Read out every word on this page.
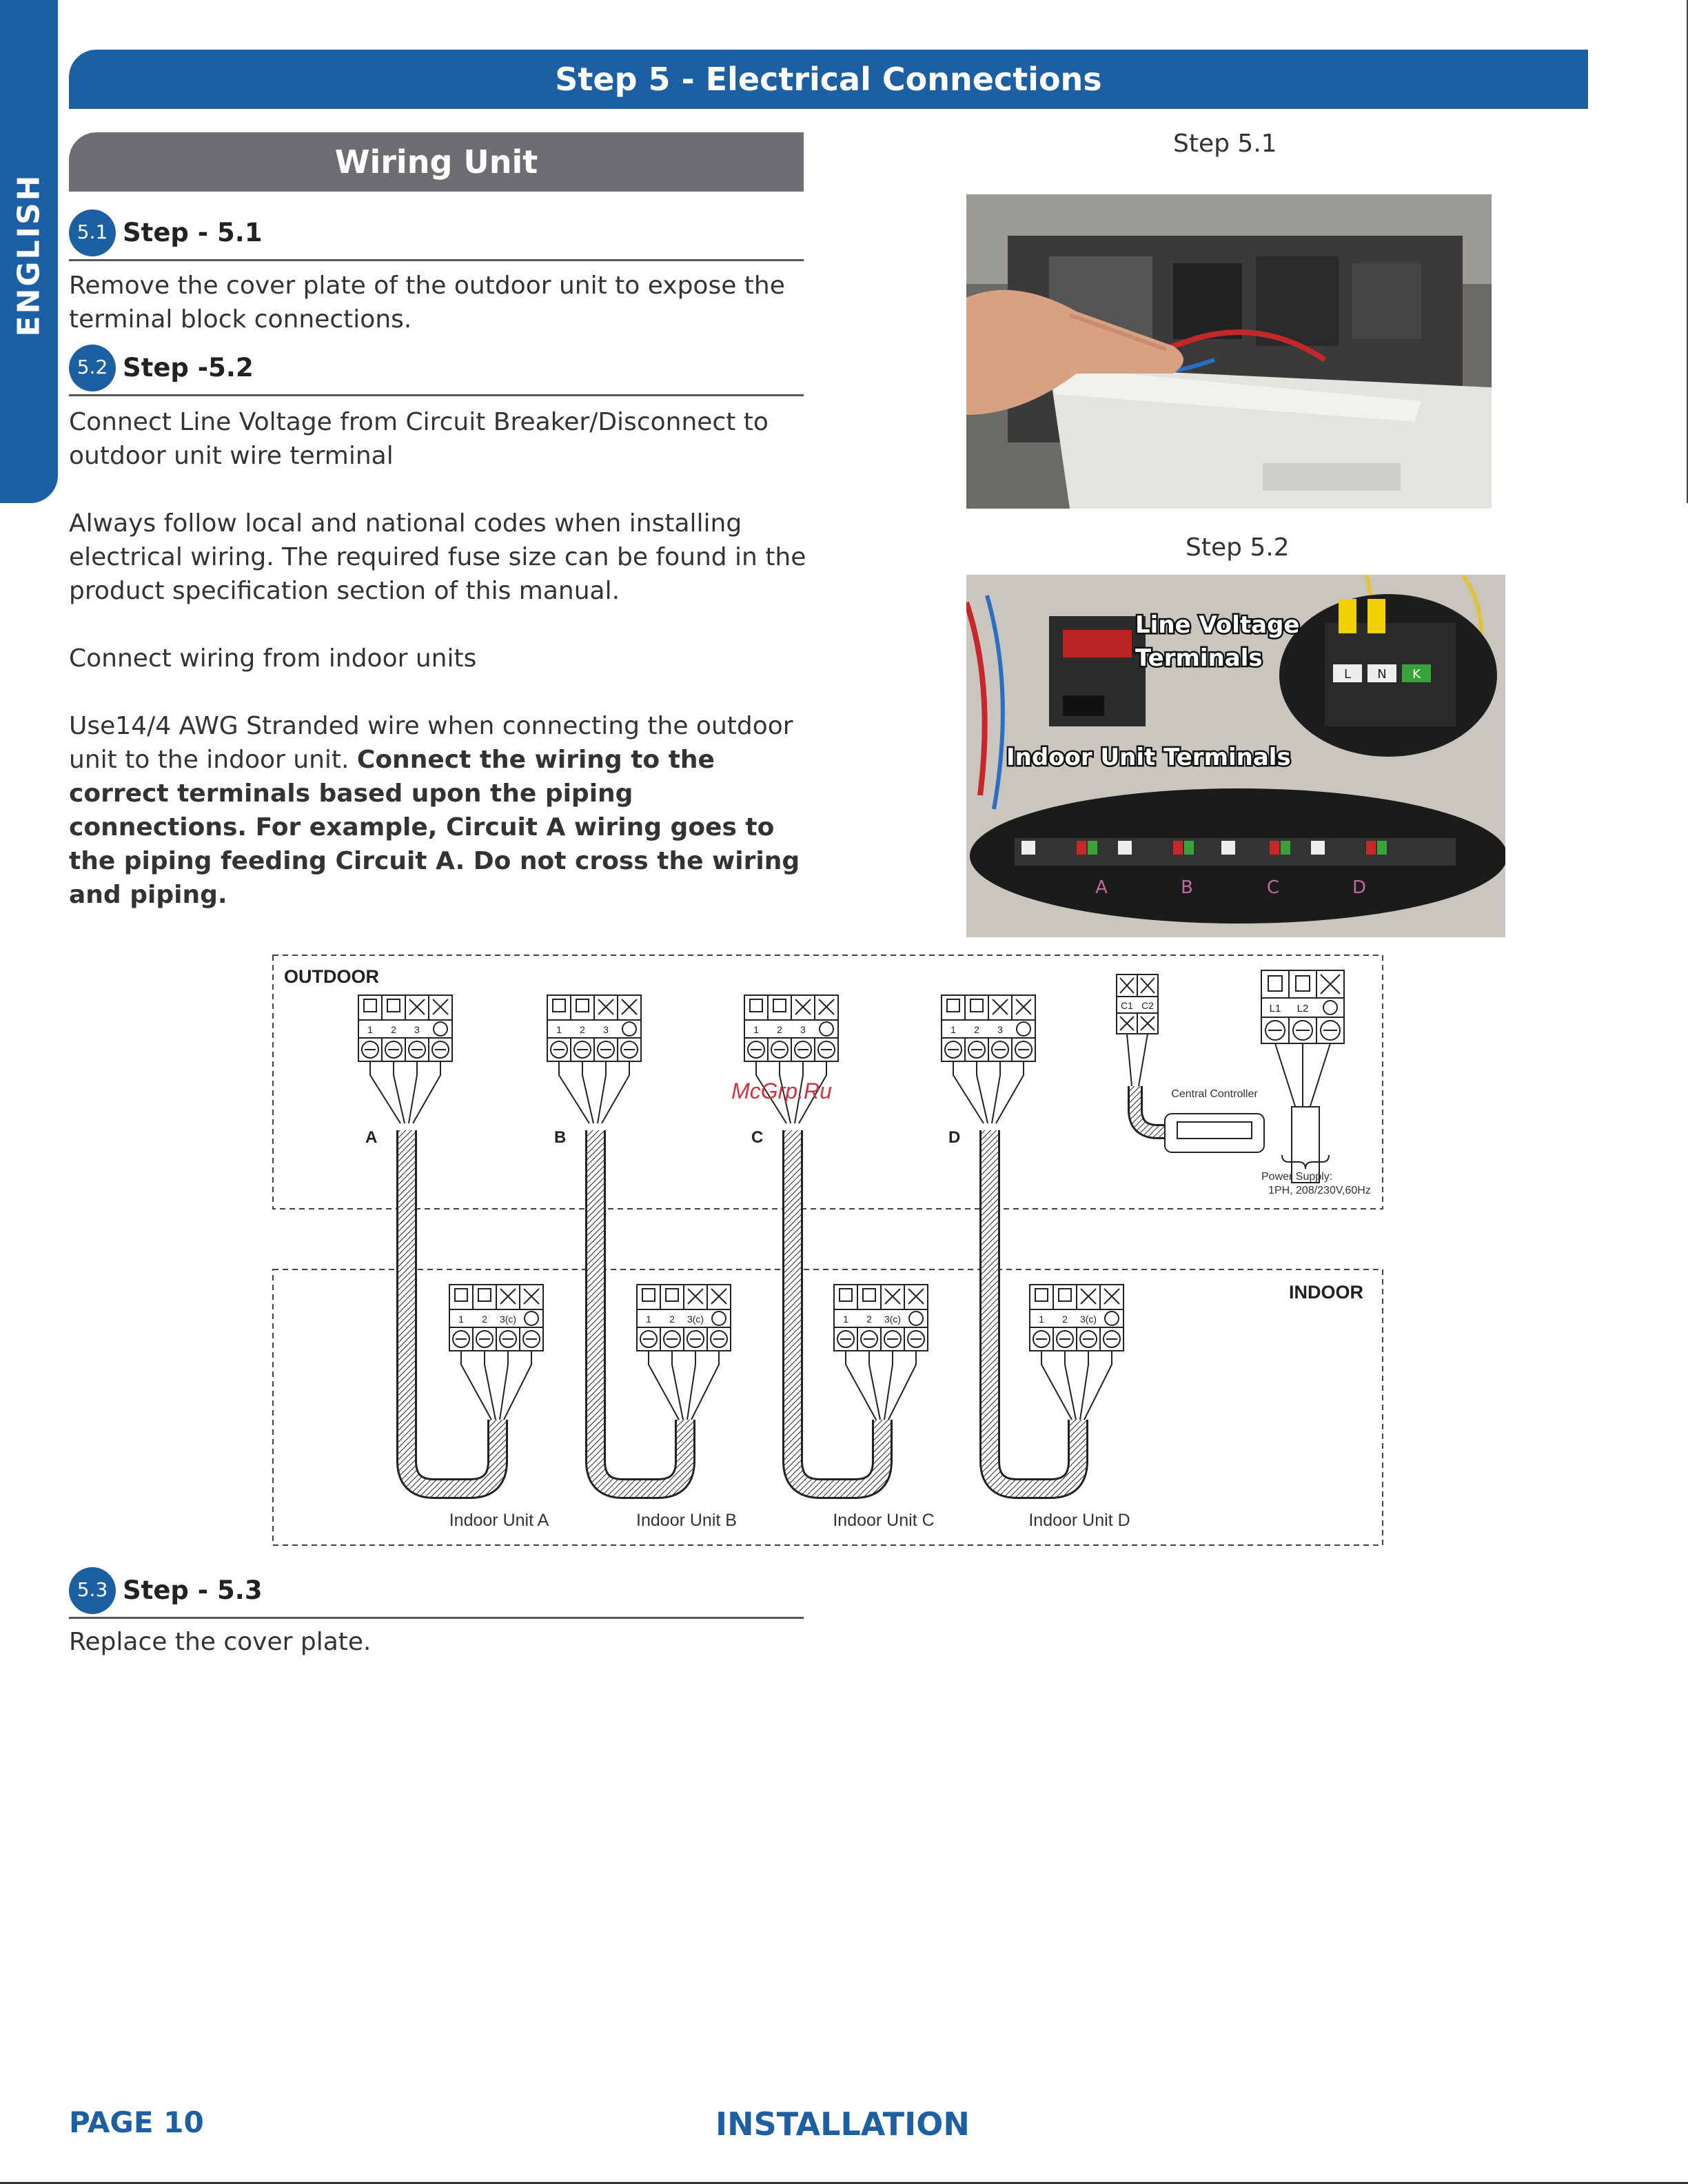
ENGLISH
Step 5 - Electrical Connections
Wiring Unit
5.1 Step - 5.1

Remove the cover plate of the outdoor unit to expose the terminal block connections.

5.2 Step -5.2

Connect Line Voltage from Circuit Breaker/Disconnect to outdoor unit wire terminal

Always follow local and national codes when installing electrical wiring. The required fuse size can be found in the product specification section of this manual.

Connect wiring from indoor units

Use14/4 AWG Stranded wire when connecting the outdoor unit to the indoor unit. Connect the wiring to the correct terminals based upon the piping connections. For example, Circuit A wiring goes to the piping feeding Circuit A. Do not cross the wiring and piping.

Step 5.1
Step 5.2
L N K
A	B	C	D
Line Voltage
Terminals
Indoor Unit Terminals
OUTDOOR
INDOOR
1 2 3
1 2 3(c)
A
Indoor Unit A
1 2 3
1 2 3(c)
B
Indoor Unit B
1 2 3
1 2 3(c)
C
Indoor Unit C
1 2 3
1 2 3(c)
D
Indoor Unit D
C1 C2
Central Controller
L1 L2
Power Supply:
1PH, 208/230V,60Hz
McGrp.Ru
5.3 Step - 5.3

Replace the cover plate.

PAGE 10	INSTALLATION
